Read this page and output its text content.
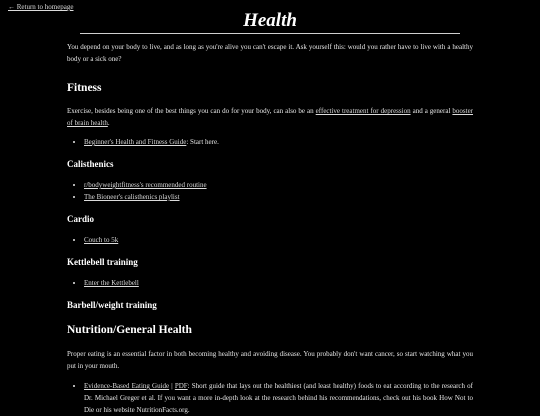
← Return to homepage
Health

You depend on your body to live, and as long as you're alive you can't escape it. Ask yourself this: would you rather have to live with a healthy body or a sick one?

Fitness

Exercise, besides being one of the best things you can do for your body, can also be an effective treatment for depression and a general booster of brain health.

• Beginner's Health and Fitness Guide: Start here.
Calisthenics
• r/bodyweightfitness's recommended routine
• The Bioneer's calisthenics playlist
Cardio
• Couch to 5k
Kettlebell training
• Enter the Kettlebell
Barbell/weight training
Nutrition/General Health

Proper eating is an essential factor in both becoming healthy and avoiding disease. You probably don't want cancer, so start watching what you put in your mouth.

• Evidence-Based Eating Guide | PDF: Short guide that lays out the healthiest (and least healthy) foods to eat according to the research of Dr. Michael Greger et al. If you want a more in-depth look at the research behind his recommendations, check out his book How Not to Die or his website NutritionFacts.org.
